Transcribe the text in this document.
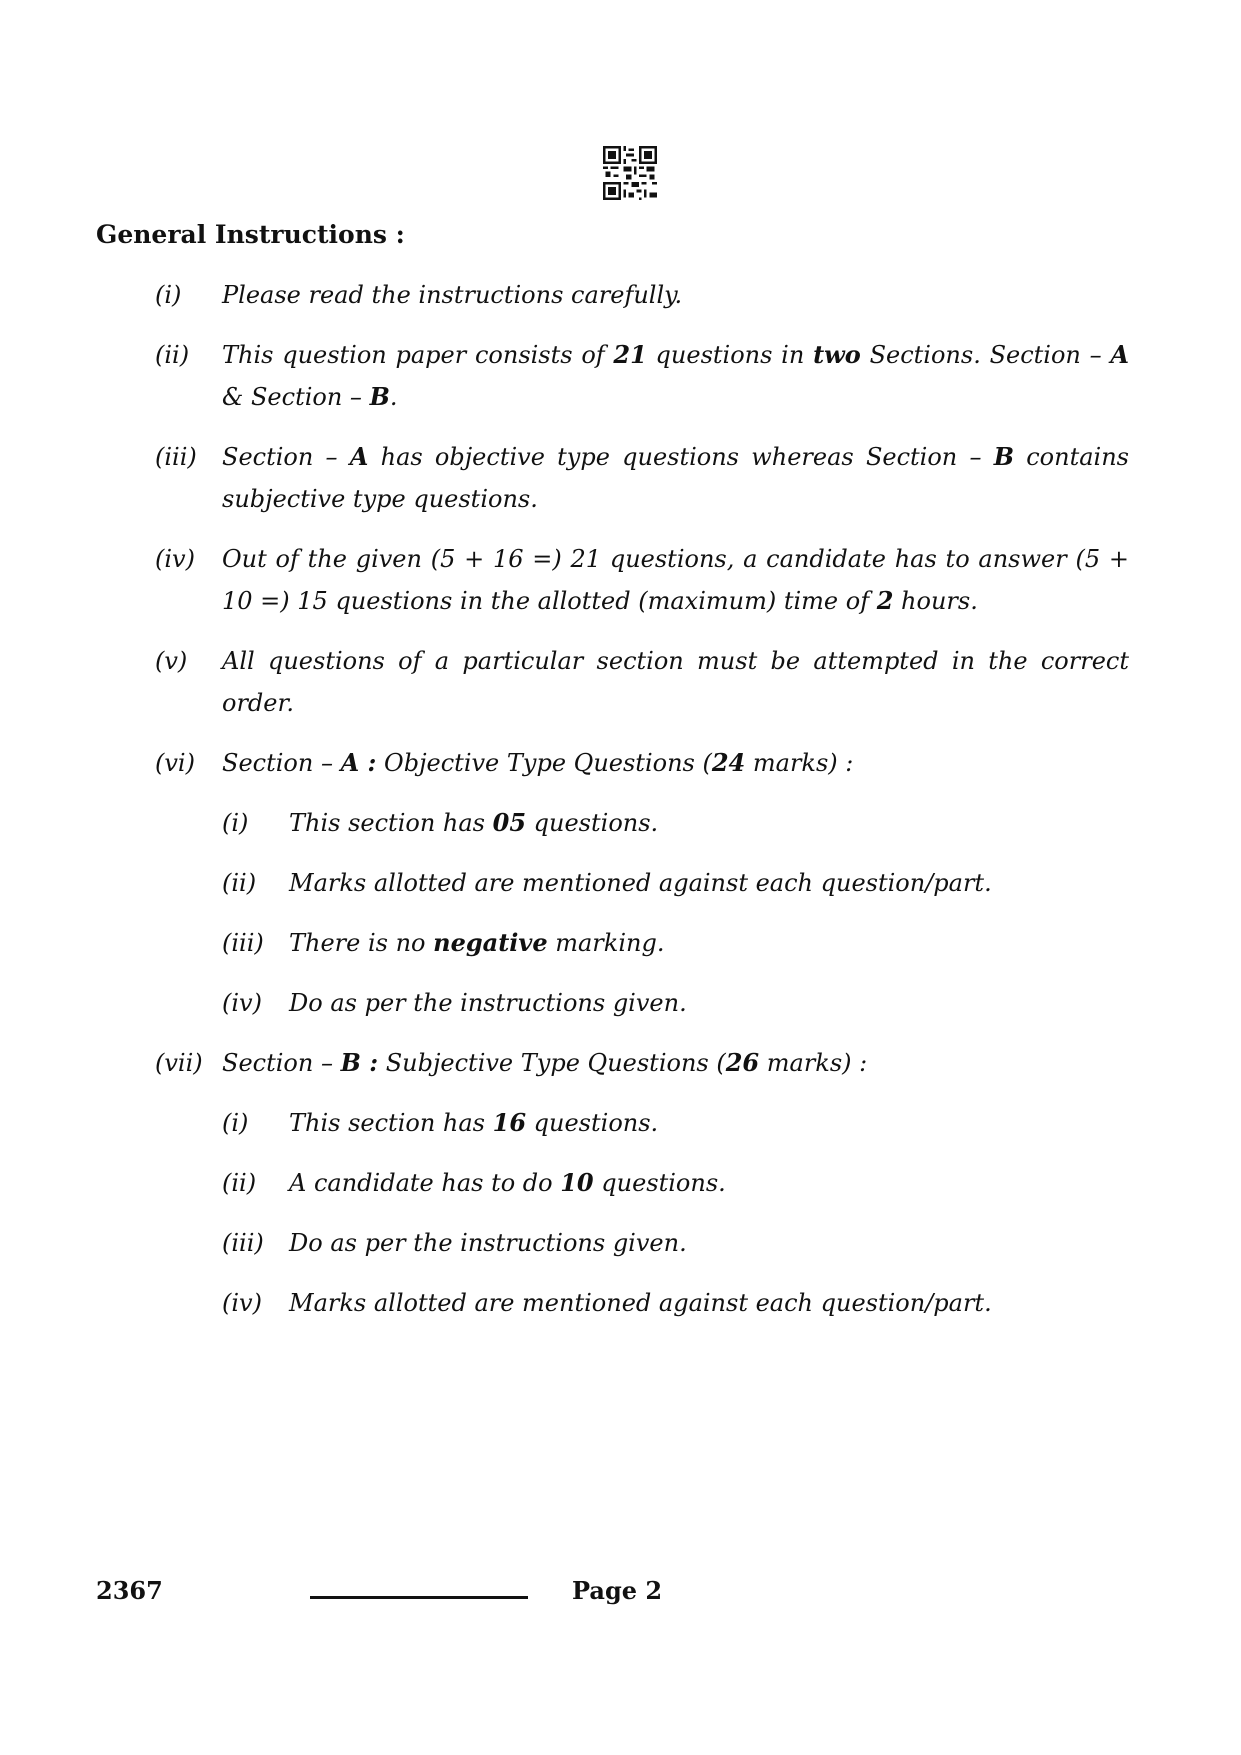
General Instructions :
(i)	Please read the instructions carefully.
(ii)	This question paper consists of 21 questions in two Sections. Section – A & Section – B.
(iii)	Section – A has objective type questions whereas Section – B contains subjective type questions.
(iv)	Out of the given (5 + 16 =) 21 questions, a candidate has to answer (5 + 10 =) 15 questions in the allotted (maximum) time of 2 hours.
(v)	All questions of a particular section must be attempted in the correct order.
(vi)	Section – A : Objective Type Questions (24 marks) :
(i)	This section has 05 questions.
(ii)	Marks allotted are mentioned against each question/part.
(iii)	There is no negative marking.
(iv)	Do as per the instructions given.
(vii) Section – B : Subjective Type Questions (26 marks) :
(i)	This section has 16 questions.
(ii)	A candidate has to do 10 questions.
(iii)	Do as per the instructions given.
(iv)	Marks allotted are mentioned against each question/part.
2367	Page 2
